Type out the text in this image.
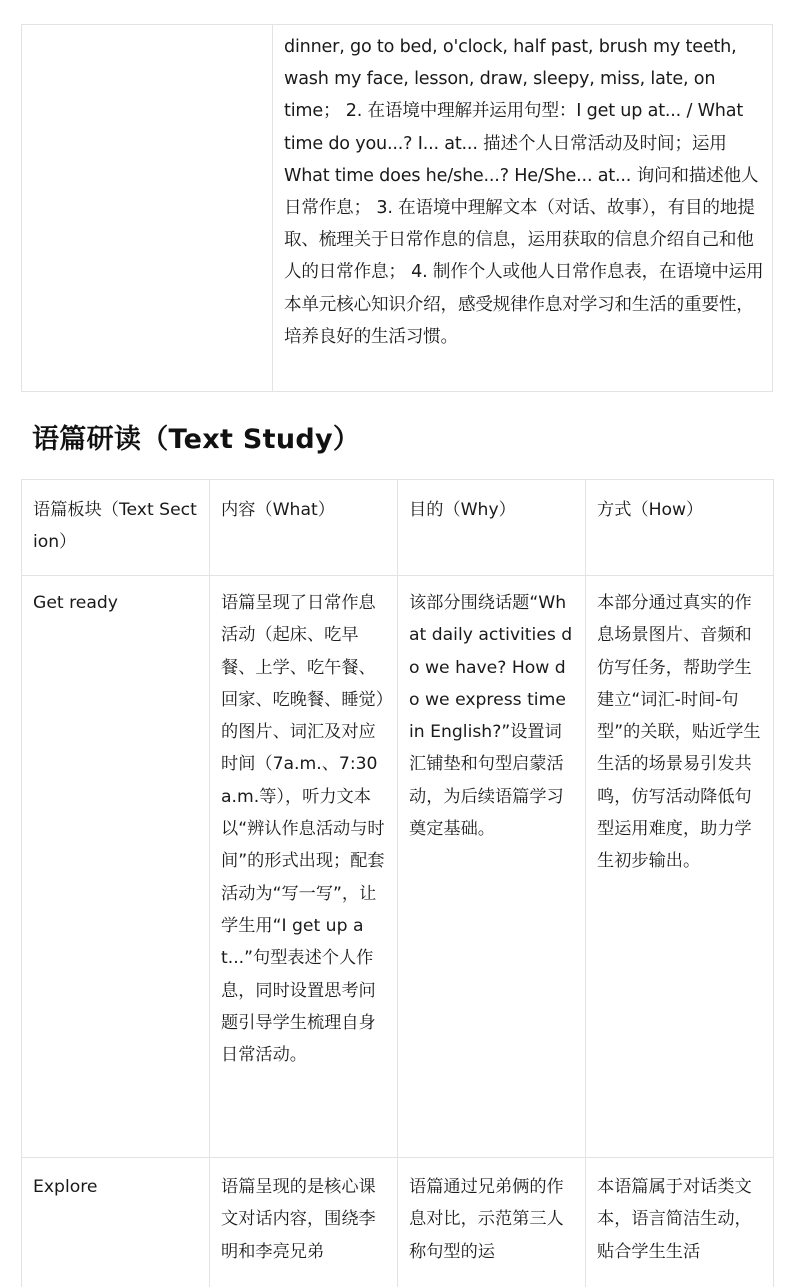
	dinner, go to bed, o'clock, half past, brush my teeth, wash my face, lesson, draw, sleepy, miss, late, on time； 2. 在语境中理解并运用句型：I get up at... / What time do you...? I... at... 描述个人日常活动及时间；运用 What time does he/she...? He/She... at... 询问和描述他人日常作息； 3. 在语境中理解文本（对话、故事），有目的地提取、梳理关于日常作息的信息，运用获取的信息介绍自己和他人的日常作息； 4. 制作个人或他人日常作息表，在语境中运用本单元核心知识介绍，感受规律作息对学习和生活的重要性，培养良好的生活习惯。
语篇研读（Text Study）
语篇板块（Text Section）	内容（What）	目的（Why）	方式（How）
Get ready	语篇呈现了日常作息活动（起床、吃早餐、上学、吃午餐、回家、吃晚餐、睡觉）的图片、词汇及对应时间（7a.m.、7:30a.m.等），听力文本以“辨认作息活动与时间”的形式出现；配套活动为“写一写”，让学生用“I get up at...”句型表述个人作息，同时设置思考问题引导学生梳理自身日常活动。	该部分围绕话题“What daily activities do we have? How do we express time in English?”设置词汇铺垫和句型启蒙活动，为后续语篇学习奠定基础。	本部分通过真实的作息场景图片、音频和仿写任务，帮助学生建立“词汇-时间-句型”的关联，贴近学生生活的场景易引发共鸣，仿写活动降低句型运用难度，助力学生初步输出。
Explore	语篇呈现的是核心课文对话内容，围绕李明和李亮兄弟	语篇通过兄弟俩的作息对比，示范第三人称句型的运	本语篇属于对话类文本，语言简洁生动，贴合学生生活
